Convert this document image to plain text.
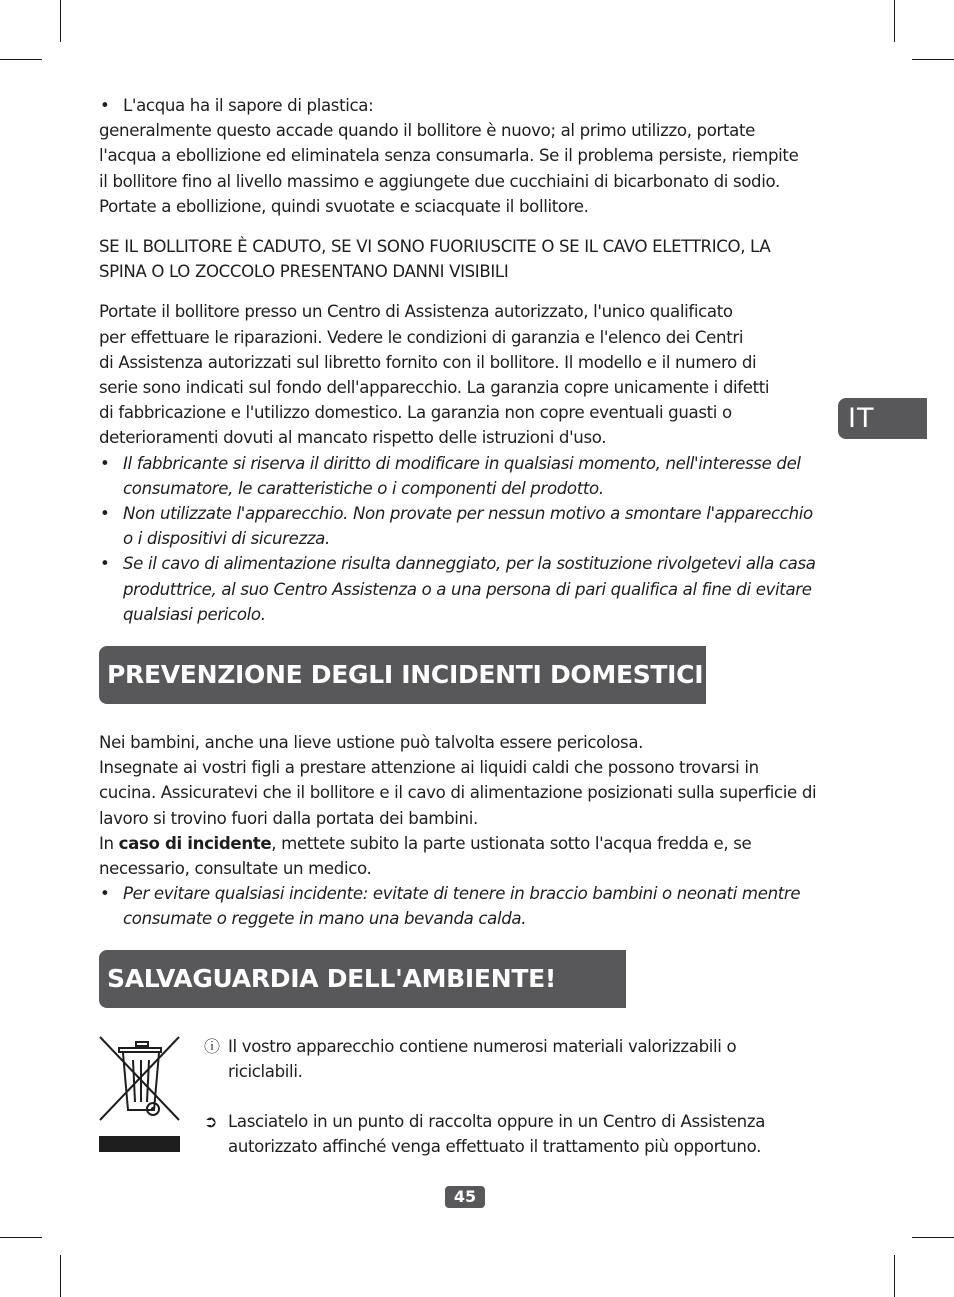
IT

• L'acqua ha il sapore di plastica:

generalmente questo accade quando il bollitore è nuovo; al primo utilizzo, portate

l'acqua a ebollizione ed eliminatela senza consumarla. Se il problema persiste, riempite

il bollitore fino al livello massimo e aggiungete due cucchiaini di bicarbonato di sodio.

Portate a ebollizione, quindi svuotate e sciacquate il bollitore.

SE IL BOLLITORE È CADUTO, SE VI SONO FUORIUSCITE O SE IL CAVO ELETTRICO, LA

SPINA O LO ZOCCOLO PRESENTANO DANNI VISIBILI

Portate il bollitore presso un Centro di Assistenza autorizzato, l'unico qualificato

per effettuare le riparazioni. Vedere le condizioni di garanzia e l'elenco dei Centri

di Assistenza autorizzati sul libretto fornito con il bollitore. Il modello e il numero di

serie sono indicati sul fondo dell'apparecchio. La garanzia copre unicamente i difetti

di fabbricazione e l'utilizzo domestico. La garanzia non copre eventuali guasti o

deterioramenti dovuti al mancato rispetto delle istruzioni d'uso.

• Il fabbricante si riserva il diritto di modificare in qualsiasi momento, nell'interesse del
consumatore, le caratteristiche o i componenti del prodotto.
• Non utilizzate l'apparecchio. Non provate per nessun motivo a smontare l'apparecchio
o i dispositivi di sicurezza.
• Se il cavo di alimentazione risulta danneggiato, per la sostituzione rivolgetevi alla casa
produttrice, al suo Centro Assistenza o a una persona di pari qualifica al fine di evitare
qualsiasi pericolo.
PREVENZIONE DEGLI INCIDENTI DOMESTICI

Nei bambini, anche una lieve ustione può talvolta essere pericolosa.

Insegnate ai vostri figli a prestare attenzione ai liquidi caldi che possono trovarsi in

cucina. Assicuratevi che il bollitore e il cavo di alimentazione posizionati sulla superficie di

lavoro si trovino fuori dalla portata dei bambini.

In caso di incidente, mettete subito la parte ustionata sotto l'acqua fredda e, se

necessario, consultate un medico.

• Per evitare qualsiasi incidente: evitate di tenere in braccio bambini o neonati mentre
consumate o reggete in mano una bevanda calda.
SALVAGUARDIA DELL'AMBIENTE!
ⓘ Il vostro apparecchio contiene numerosi materiali valorizzabili o
riciclabili.
➲ Lasciatelo in un punto di raccolta oppure in un Centro di Assistenza
autorizzato affinché venga effettuato il trattamento più opportuno.
45
